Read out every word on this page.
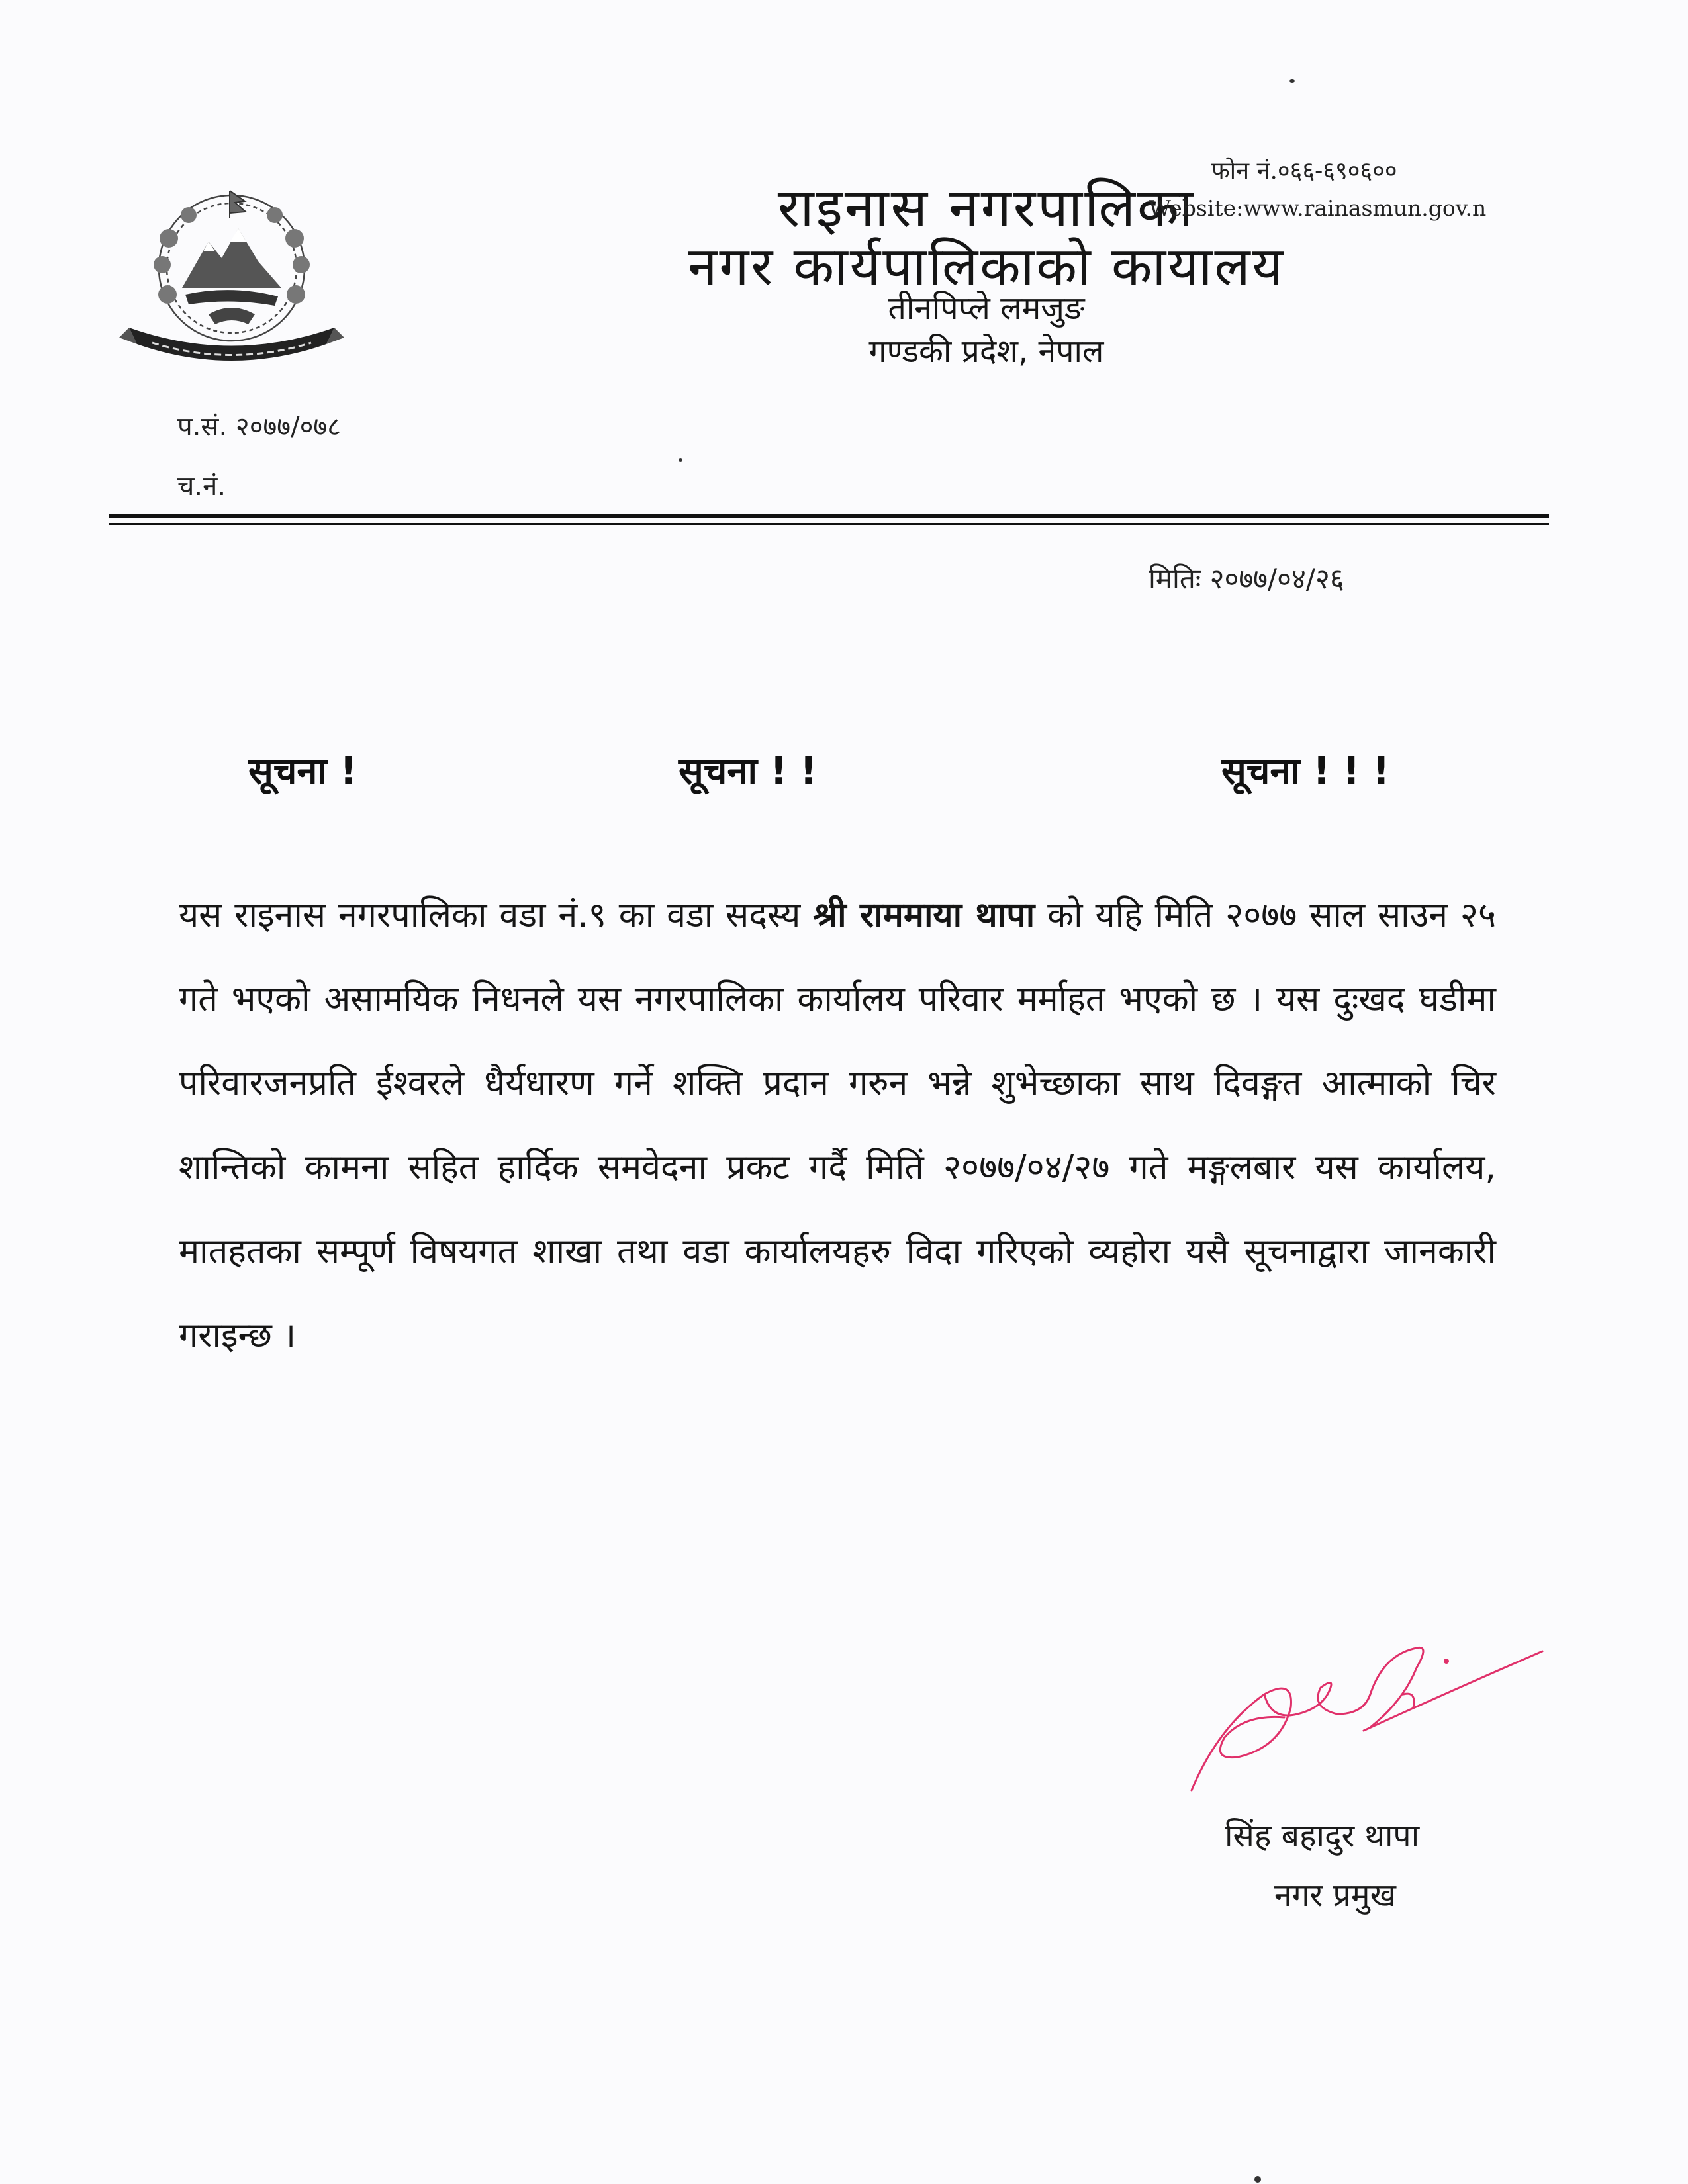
राइनास नगरपालिका
नगर कार्यपालिकाको कायालय
तीनपिप्ले लमजुङ
गण्डकी प्रदेश, नेपाल
फोन नं.०६६-६९०६००
Website:www.rainasmun.gov.n
प.सं. २०७७/०७८
च.नं.
मितिः २०७७/०४/२६
सूचना !	सूचना ! !	सूचना ! ! !
यस राइनास नगरपालिका वडा नं.९ का वडा सदस्य श्री राममाया थापा को यहि मिति २०७७ साल साउन २५ गते भएको असामयिक निधनले यस नगरपालिका कार्यालय परिवार मर्माहत भएको छ । यस दुःखद घडीमा परिवारजनप्रति ईश्वरले धैर्यधारण गर्ने शक्ति प्रदान गरुन भन्ने शुभेच्छाका साथ दिवङ्गत आत्माको चिर शान्तिको कामना सहित हार्दिक समवेदना प्रकट गर्दै मितिं २०७७/०४/२७ गते मङ्गलबार यस कार्यालय, मातहतका सम्पूर्ण विषयगत शाखा तथा वडा कार्यालयहरु विदा गरिएको व्यहोरा यसै सूचनाद्वारा जानकारी गराइन्छ ।
सिंह बहादुर थापा
नगर प्रमुख
